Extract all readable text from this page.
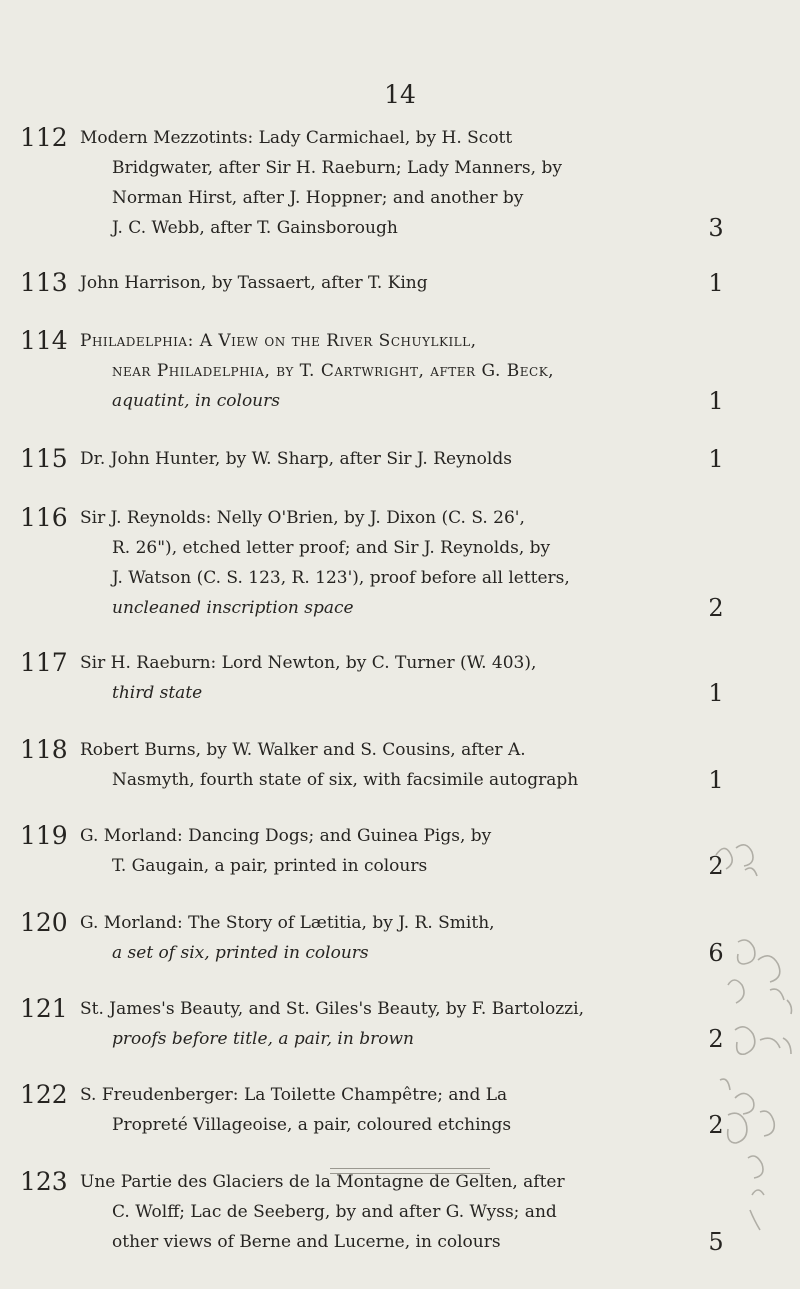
14
112 Modern Mezzotints: Lady Carmichael, by H. Scott
Bridgwater, after Sir H. Raeburn; Lady Manners, by
Norman Hirst, after J. Hoppner; and another by
J. C. Webb, after T. Gainsborough	3
113 John Harrison, by Tassaert, after T. King	1
114 Philadelphia: A View on the River Schuylkill,
near Philadelphia, by T. Cartwright, after G. Beck,
aquatint, in colours	1
115 Dr. John Hunter, by W. Sharp, after Sir J. Reynolds	1
116 Sir J. Reynolds: Nelly O'Brien, by J. Dixon (C. S. 26',
R. 26"), etched letter proof; and Sir J. Reynolds, by
J. Watson (C. S. 123, R. 123'), proof before all letters,
uncleaned inscription space	2
117 Sir H. Raeburn: Lord Newton, by C. Turner (W. 403),
third state	1
118 Robert Burns, by W. Walker and S. Cousins, after A.
Nasmyth, fourth state of six, with facsimile autograph	1
119 G. Morland: Dancing Dogs; and Guinea Pigs, by
T. Gaugain, a pair, printed in colours	2
120 G. Morland: The Story of Lætitia, by J. R. Smith,
a set of six, printed in colours	6
121 St. James's Beauty, and St. Giles's Beauty, by F. Bartolozzi,
proofs before title, a pair, in brown	2
122 S. Freudenberger: La Toilette Champêtre; and La
Propreté Villageoise, a pair, coloured etchings	2
123 Une Partie des Glaciers de la Montagne de Gelten, after
C. Wolff; Lac de Seeberg, by and after G. Wyss; and
other views of Berne and Lucerne, in colours	5
